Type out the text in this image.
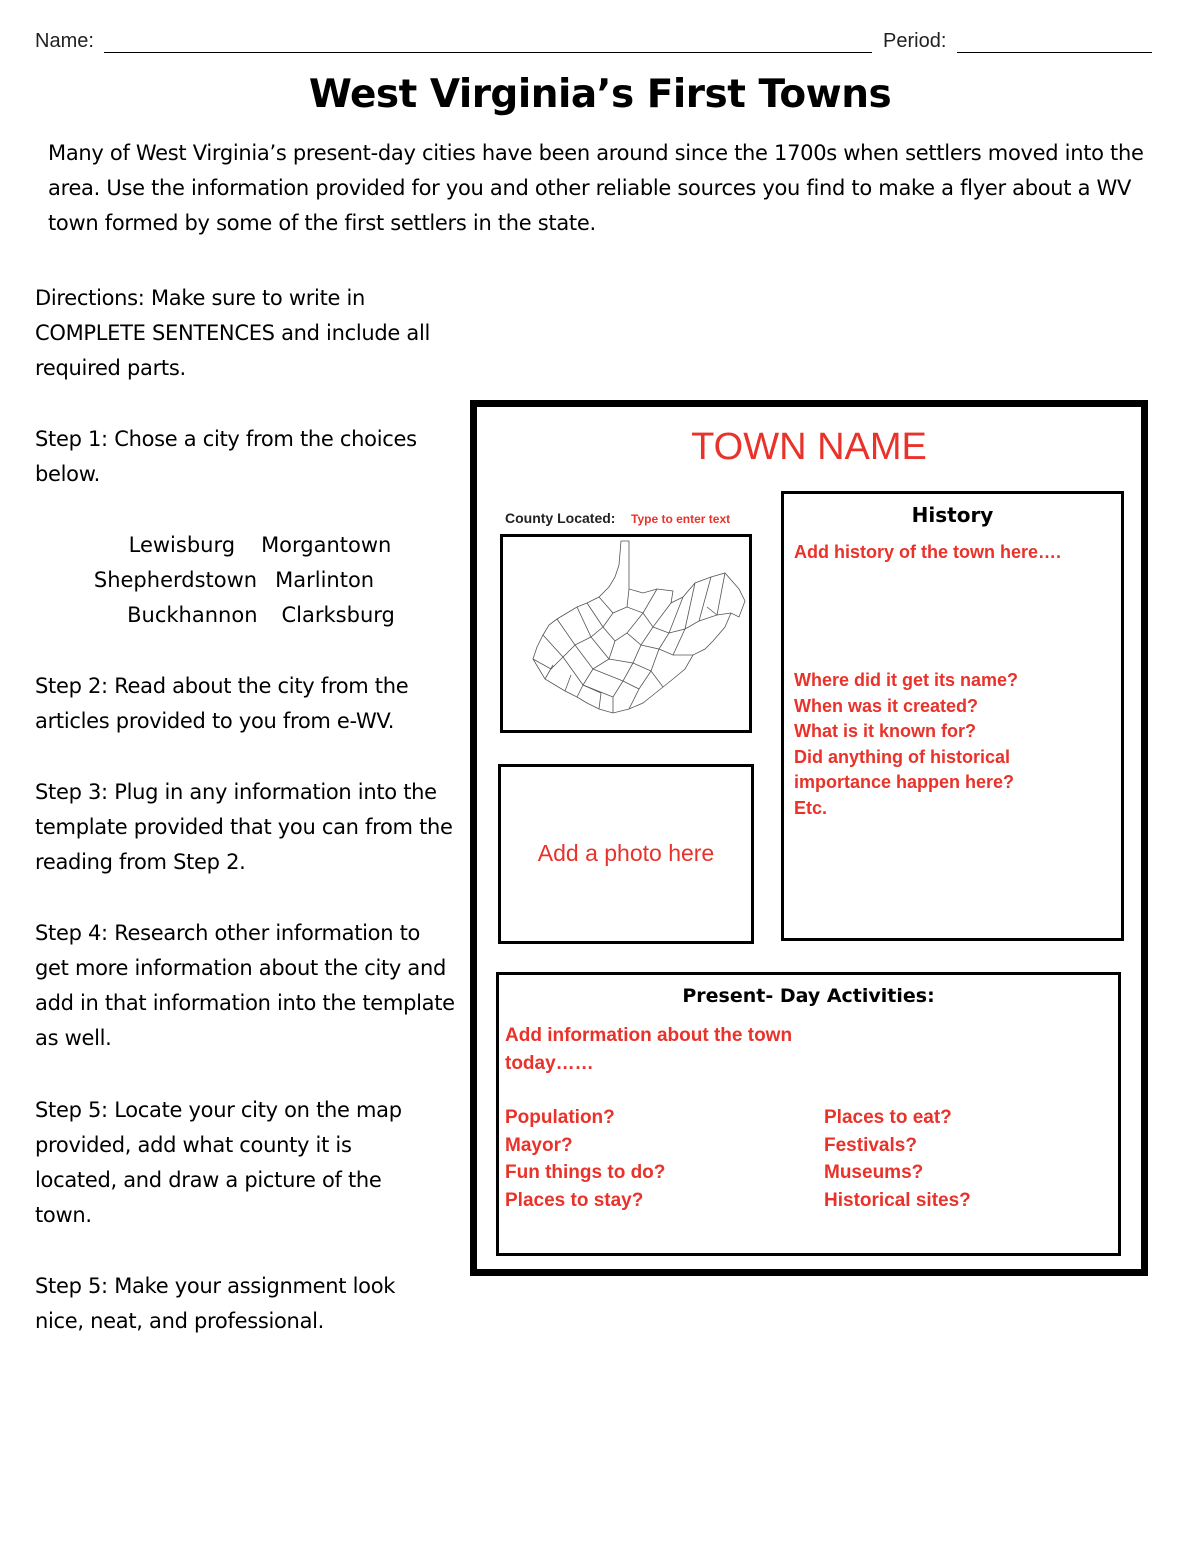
Name:	Period:
West Virginia’s First Towns
Many of West Virginia’s present-day cities have been around since the 1700s when settlers moved into the area. Use the information provided for you and other reliable sources you find to make a flyer about a WV town formed by some of the first settlers in the state.
Directions: Make sure to write in COMPLETE SENTENCES and include all required parts.
Step 1: Chose a city from the choices below.
Lewisburg Morgantown
Shepherdstown Marlinton
Buckhannon Clarksburg
Step 2: Read about the city from the articles provided to you from e-WV.
Step 3: Plug in any information into the template provided that you can from the reading from Step 2.
Step 4: Research other information to get more information about the city and add in that information into the template as well.
Step 5: Locate your city on the map provided, add what county it is located, and draw a picture of the town.
Step 5: Make your assignment look nice, neat, and professional.
TOWN NAME
County Located: Type to enter text
Add a photo here
History
Add history of the town here….
Where did it get its name?
When was it created?
What is it known for?
Did anything of historical importance happen here?
Etc.
Present- Day Activities:
Add information about the town today……
Population?
Mayor?
Fun things to do?
Places to stay?
Places to eat?
Festivals?
Museums?
Historical sites?
